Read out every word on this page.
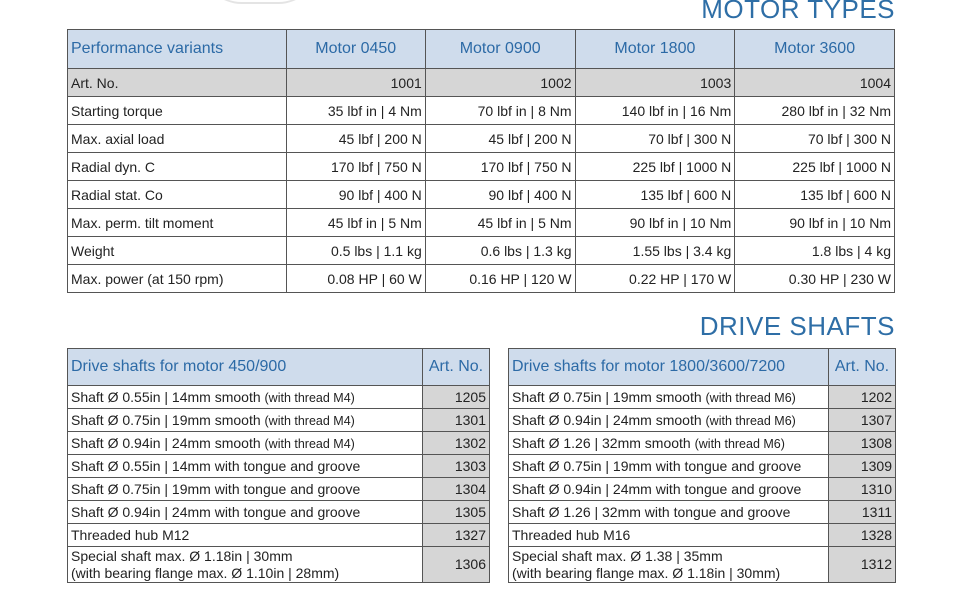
MOTOR TYPES
Performance variants	Motor 0450	Motor 0900	Motor 1800	Motor 3600
Art. No.	1001	1002	1003	1004
Starting torque	35 lbf in | 4 Nm	70 lbf in | 8 Nm	140 lbf in | 16 Nm	280 lbf in | 32 Nm
Max. axial load	45 lbf | 200 N	45 lbf | 200 N	70 lbf | 300 N	70 lbf | 300 N
Radial dyn. C	170 lbf | 750 N	170 lbf | 750 N	225 lbf | 1000 N	225 lbf | 1000 N
Radial stat. Co	90 lbf | 400 N	90 lbf | 400 N	135 lbf | 600 N	135 lbf | 600 N
Max. perm. tilt moment	45 lbf in | 5 Nm	45 lbf in | 5 Nm	90 lbf in | 10 Nm	90 lbf in | 10 Nm
Weight	0.5 lbs | 1.1 kg	0.6 lbs | 1.3 kg	1.55 lbs | 3.4 kg	1.8 lbs | 4 kg
Max. power (at 150 rpm)	0.08 HP | 60 W	0.16 HP | 120 W	0.22 HP | 170 W	0.30 HP | 230 W
DRIVE SHAFTS
Drive shafts for motor 450/900	Art. No.
Shaft Ø 0.55in | 14mm smooth (with thread M4)	1205
Shaft Ø 0.75in | 19mm smooth (with thread M4)	1301
Shaft Ø 0.94in | 24mm smooth (with thread M4)	1302
Shaft Ø 0.55in | 14mm with tongue and groove	1303
Shaft Ø 0.75in | 19mm with tongue and groove	1304
Shaft Ø 0.94in | 24mm with tongue and groove	1305
Threaded hub M12	1327

Special shaft max. Ø 1.18in | 30mm
(with bearing flange max. Ø 1.10in | 28mm)	1306
Drive shafts for motor 1800/3600/7200	Art. No.
Shaft Ø 0.75in | 19mm smooth (with thread M6)	1202
Shaft Ø 0.94in | 24mm smooth (with thread M6)	1307
Shaft Ø 1.26 | 32mm smooth (with thread M6)	1308
Shaft Ø 0.75in | 19mm with tongue and groove	1309
Shaft Ø 0.94in | 24mm with tongue and groove	1310
Shaft Ø 1.26 | 32mm with tongue and groove	1311
Threaded hub M16	1328

Special shaft max. Ø 1.38 | 35mm
(with bearing flange max. Ø 1.18in | 30mm)	1312
